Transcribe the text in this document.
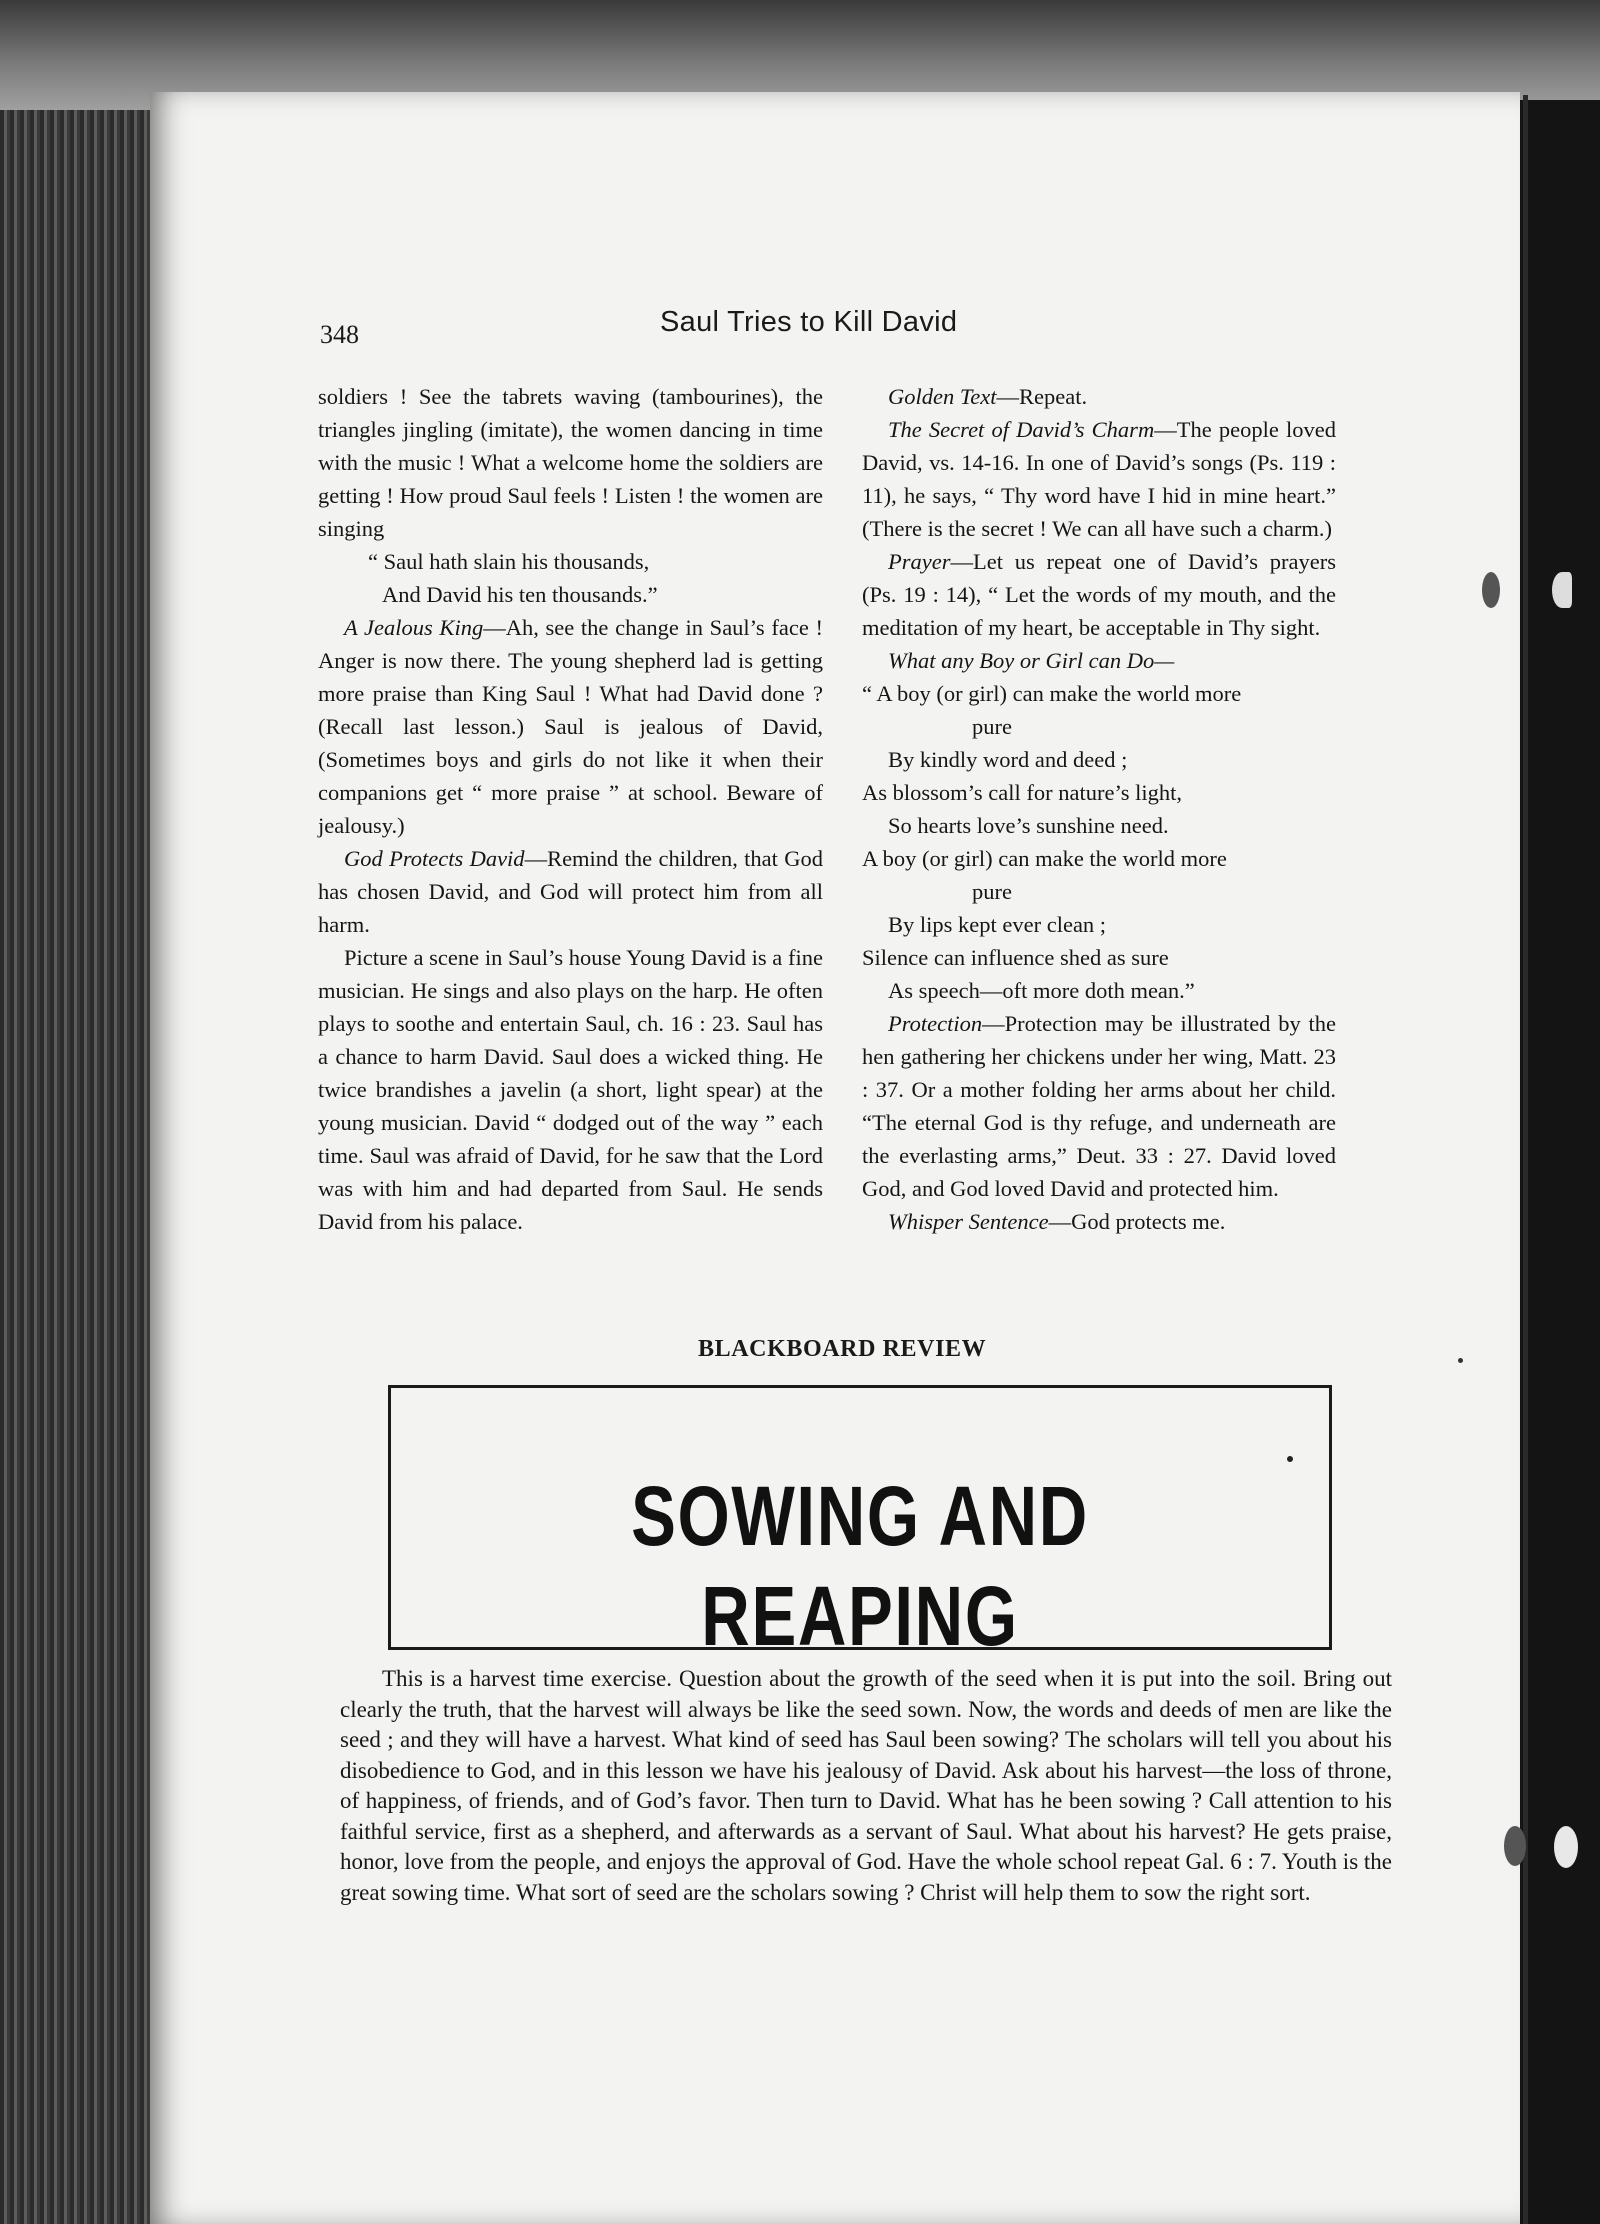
348	Saul Tries to Kill David

soldiers ! See the tabrets waving (tambourines), the triangles jingling (imitate), the women dancing in time with the music ! What a welcome home the soldiers are getting ! How proud Saul feels ! Listen ! the women are singing

“ Saul hath slain his thousands,

And David his ten thousands.”

A Jealous King—Ah, see the change in Saul’s face ! Anger is now there. The young shepherd lad is getting more praise than King Saul ! What had David done ? (Recall last lesson.) Saul is jealous of David, (Sometimes boys and girls do not like it when their companions get “ more praise ” at school. Beware of jealousy.)

God Protects David—Remind the children, that God has chosen David, and God will protect him from all harm.

Picture a scene in Saul’s house Young David is a fine musician. He sings and also plays on the harp. He often plays to soothe and entertain Saul, ch. 16 : 23. Saul has a chance to harm David. Saul does a wicked thing. He twice brandishes a javelin (a short, light spear) at the young musician. David “ dodged out of the way ” each time. Saul was afraid of David, for he saw that the Lord was with him and had departed from Saul. He sends David from his palace.

Golden Text—Repeat.

The Secret of David’s Charm—The people loved David, vs. 14-16. In one of David’s songs (Ps. 119 : 11), he says, “ Thy word have I hid in mine heart.” (There is the secret ! We can all have such a charm.)

Prayer—Let us repeat one of David’s prayers (Ps. 19 : 14), “ Let the words of my mouth, and the meditation of my heart, be acceptable in Thy sight.

What any Boy or Girl can Do—

“ A boy (or girl) can make the world more

pure

By kindly word and deed ;

As blossom’s call for nature’s light,

So hearts love’s sunshine need.

A boy (or girl) can make the world more

pure

By lips kept ever clean ;

Silence can influence shed as sure

As speech—oft more doth mean.”

Protection—Protection may be illustrated by the hen gathering her chickens under her wing, Matt. 23 : 37. Or a mother folding her arms about her child. “The eternal God is thy refuge, and underneath are the everlasting arms,” Deut. 33 : 27. David loved God, and God loved David and protected him.

Whisper Sentence—God protects me.

BLACKBOARD REVIEW
SOWING AND REAPING

This is a harvest time exercise. Question about the growth of the seed when it is put into the soil. Bring out clearly the truth, that the harvest will always be like the seed sown. Now, the words and deeds of men are like the seed ; and they will have a harvest. What kind of seed has Saul been sowing? The scholars will tell you about his disobedience to God, and in this lesson we have his jealousy of David. Ask about his harvest—the loss of throne, of happiness, of friends, and of God’s favor. Then turn to David. What has he been sowing ? Call attention to his faithful service, first as a shepherd, and afterwards as a servant of Saul. What about his harvest? He gets praise, honor, love from the people, and enjoys the approval of God. Have the whole school repeat Gal. 6 : 7. Youth is the great sowing time. What sort of seed are the scholars sowing ? Christ will help them to sow the right sort.
